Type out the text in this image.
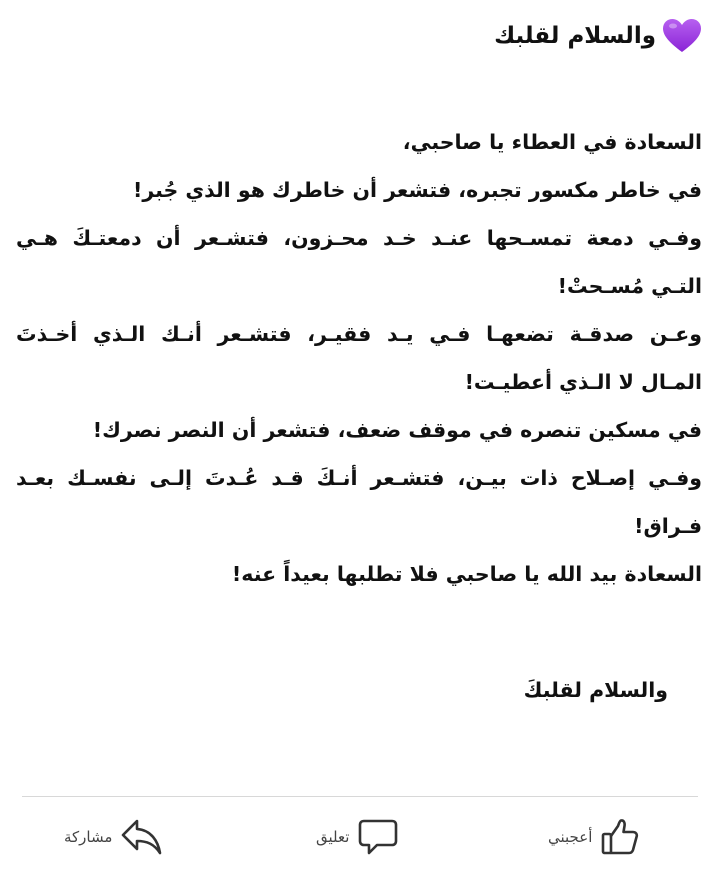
والسلام لقلبك
السعادة في العطاء يا صاحبي،
في خاطر مكسور تجبره، فتشعر أن خاطرك هو الذي جُبر!
وفـي دمعة تمسـحها عنـد خـد محـزون، فتشـعر أن دمعتـكَ هـي
التـي مُسـحتْ!
وعـن صدقـة تضعهـا فـي يـد فقيـر، فتشـعر أنـك الـذي أخـذتَ
المـال لا الـذي أعطيـت!
في مسكين تنصره في موقف ضعف، فتشعر أن النصر نصرك!
وفـي إصـلاح ذات بيـن، فتشـعر أنـكَ قـد عُـدتَ إلـى نفسـك بعـد
فـراق!
السعادة بيد الله يا صاحبي فلا تطلبها بعيداً عنه!
والسلام لقلبكَ
أعجبني
تعليق
مشاركة
